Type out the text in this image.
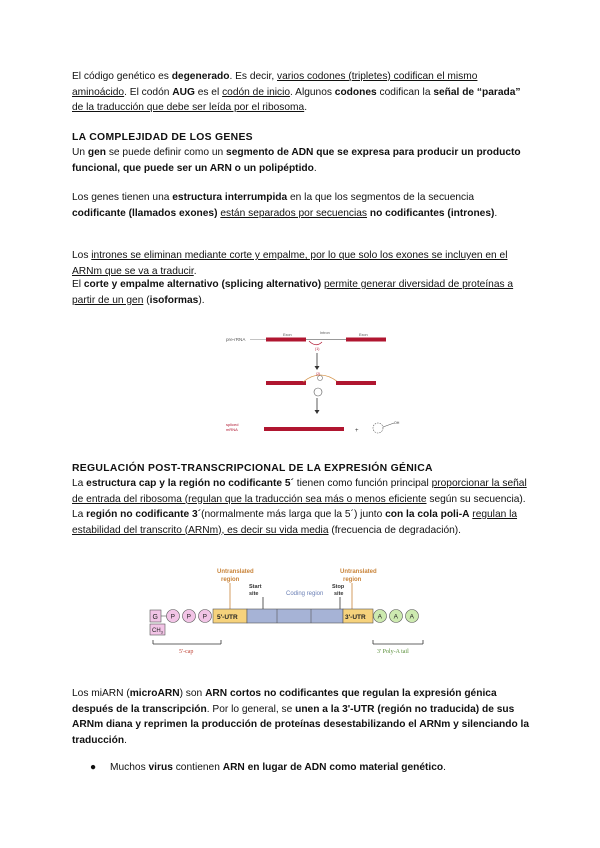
El código genético es degenerado. Es decir, varios codones (tripletes) codifican el mismo aminoácido. El codón AUG es el codón de inicio. Algunos codones codifican la señal de “parada” de la traducción que debe ser leída por el ribosoma.
LA COMPLEJIDAD DE LOS GENES
Un gen se puede definir como un segmento de ADN que se expresa para producir un producto funcional, que puede ser un ARN o un polipéptido.
Los genes tienen una estructura interrumpida en la que los segmentos de la secuencia codificante (llamados exones) están separados por secuencias no codificantes (intrones).
Los intrones se eliminan mediante corte y empalme, por lo que solo los exones se incluyen en el ARNm que se va a traducir.
El corte y empalme alternativo (splicing alternativo) permite generar diversidad de proteínas a partir de un gen (isoformas).
pre-rRNA
Exon	Intron	Exon
(1)
(2)
spliced
mRNA	+
OH
REGULACIÓN POST-TRANSCRIPCIONAL DE LA EXPRESIÓN GÉNICA
La estructura cap y la región no codificante 5´ tienen como función principal proporcionar la señal de entrada del ribosoma (regulan que la traducción sea más o menos eficiente según su secuencia). La región no codificante 3´(normalmente más larga que la 5´) junto con la cola poli-A regulan la estabilidad del transcrito (ARNm), es decir su vida media (frecuencia de degradación).
Untranslated
region
Start
site	Coding region
Stop
site
Untranslated
region
G
$CH_3$
P P P 5'-UTR	3'-UTR A A A
5'-cap	3' Poly-A tail
Los miARN (microARN) son ARN cortos no codificantes que regulan la expresión génica después de la transcripción. Por lo general, se unen a la 3'-UTR (región no traducida) de sus ARNm diana y reprimen la producción de proteínas desestabilizando el ARNm y silenciando la traducción.
● Muchos virus contienen ARN en lugar de ADN como material genético.
